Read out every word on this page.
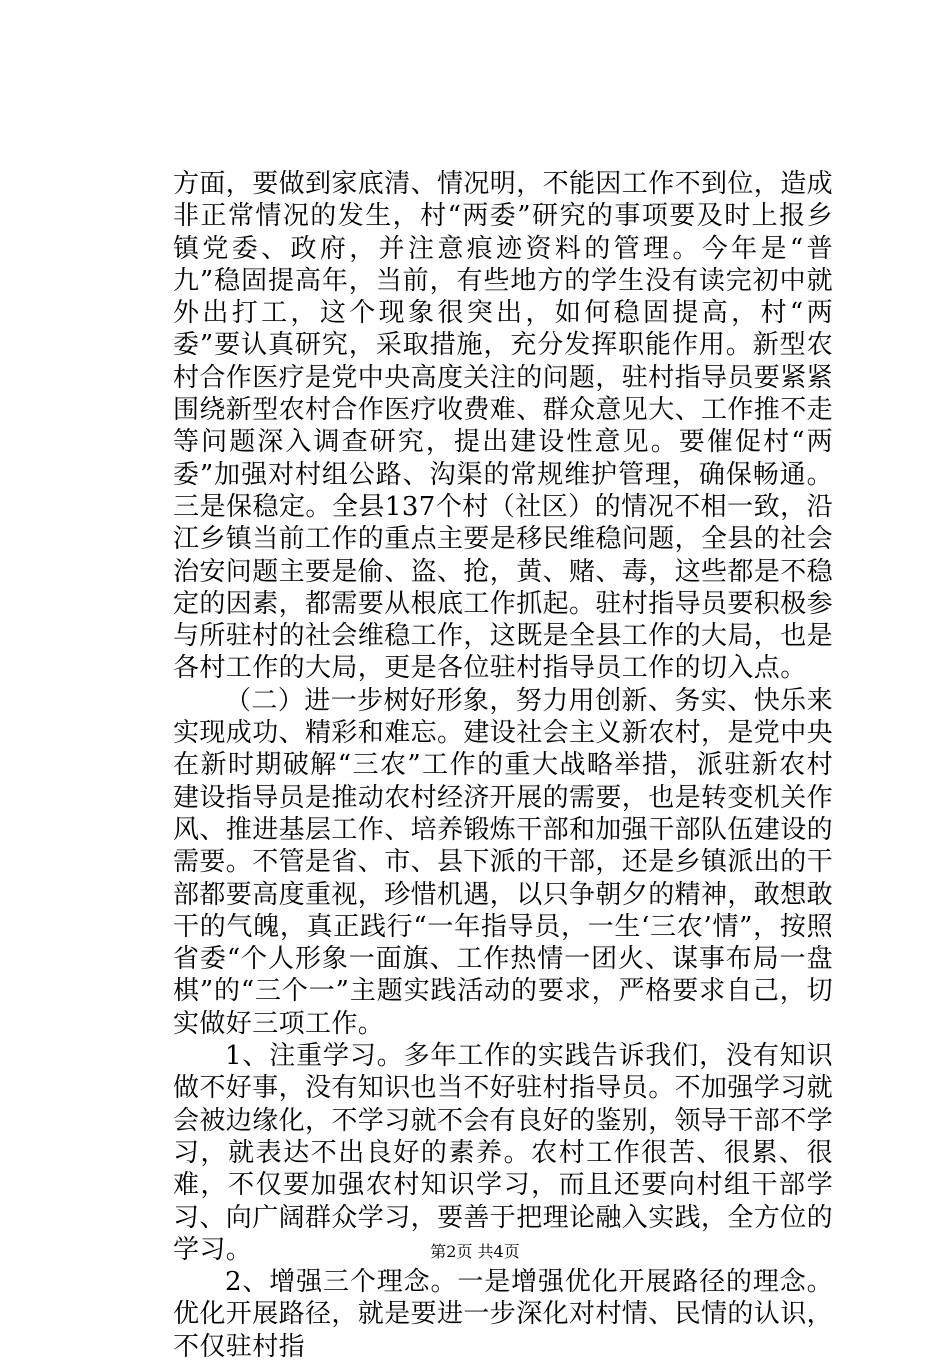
方面，要做到家底清、情况明，不能因工作不到位，造成非正常情况的发生，村“两委”研究的事项要及时上报乡镇党委、政府，并注意痕迹资料的管理。今年是“普九”稳固提高年，当前，有些地方的学生没有读完初中就外出打工，这个现象很突出，如何稳固提高，村“两委”要认真研究，采取措施，充分发挥职能作用。新型农村合作医疗是党中央高度关注的问题，驻村指导员要紧紧围绕新型农村合作医疗收费难、群众意见大、工作推不走等问题深入调查研究，提出建设性意见。要催促村“两委”加强对村组公路、沟渠的常规维护管理，确保畅通。三是保稳定。全县137个村（社区）的情况不相一致，沿江乡镇当前工作的重点主要是移民维稳问题，全县的社会治安问题主要是偷、盗、抢，黄、赌、毒，这些都是不稳定的因素，都需要从根底工作抓起。驻村指导员要积极参与所驻村的社会维稳工作，这既是全县工作的大局，也是各村工作的大局，更是各位驻村指导员工作的切入点。

（二）进一步树好形象，努力用创新、务实、快乐来实现成功、精彩和难忘。建设社会主义新农村，是党中央在新时期破解“三农”工作的重大战略举措，派驻新农村建设指导员是推动农村经济开展的需要，也是转变机关作风、推进基层工作、培养锻炼干部和加强干部队伍建设的需要。不管是省、市、县下派的干部，还是乡镇派出的干部都要高度重视，珍惜机遇，以只争朝夕的精神，敢想敢干的气魄，真正践行“一年指导员，一生‘三农’情”，按照省委“个人形象一面旗、工作热情一团火、谋事布局一盘棋”的“三个一”主题实践活动的要求，严格要求自己，切实做好三项工作。

1、注重学习。多年工作的实践告诉我们，没有知识做不好事，没有知识也当不好驻村指导员。不加强学习就会被边缘化，不学习就不会有良好的鉴别，领导干部不学习，就表达不出良好的素养。农村工作很苦、很累、很难，不仅要加强农村知识学习，而且还要向村组干部学习、向广阔群众学习，要善于把理论融入实践，全方位的学习。

2、增强三个理念。一是增强优化开展路径的理念。优化开展路径，就是要进一步深化对村情、民情的认识，不仅驻村指

第2页 共4页
